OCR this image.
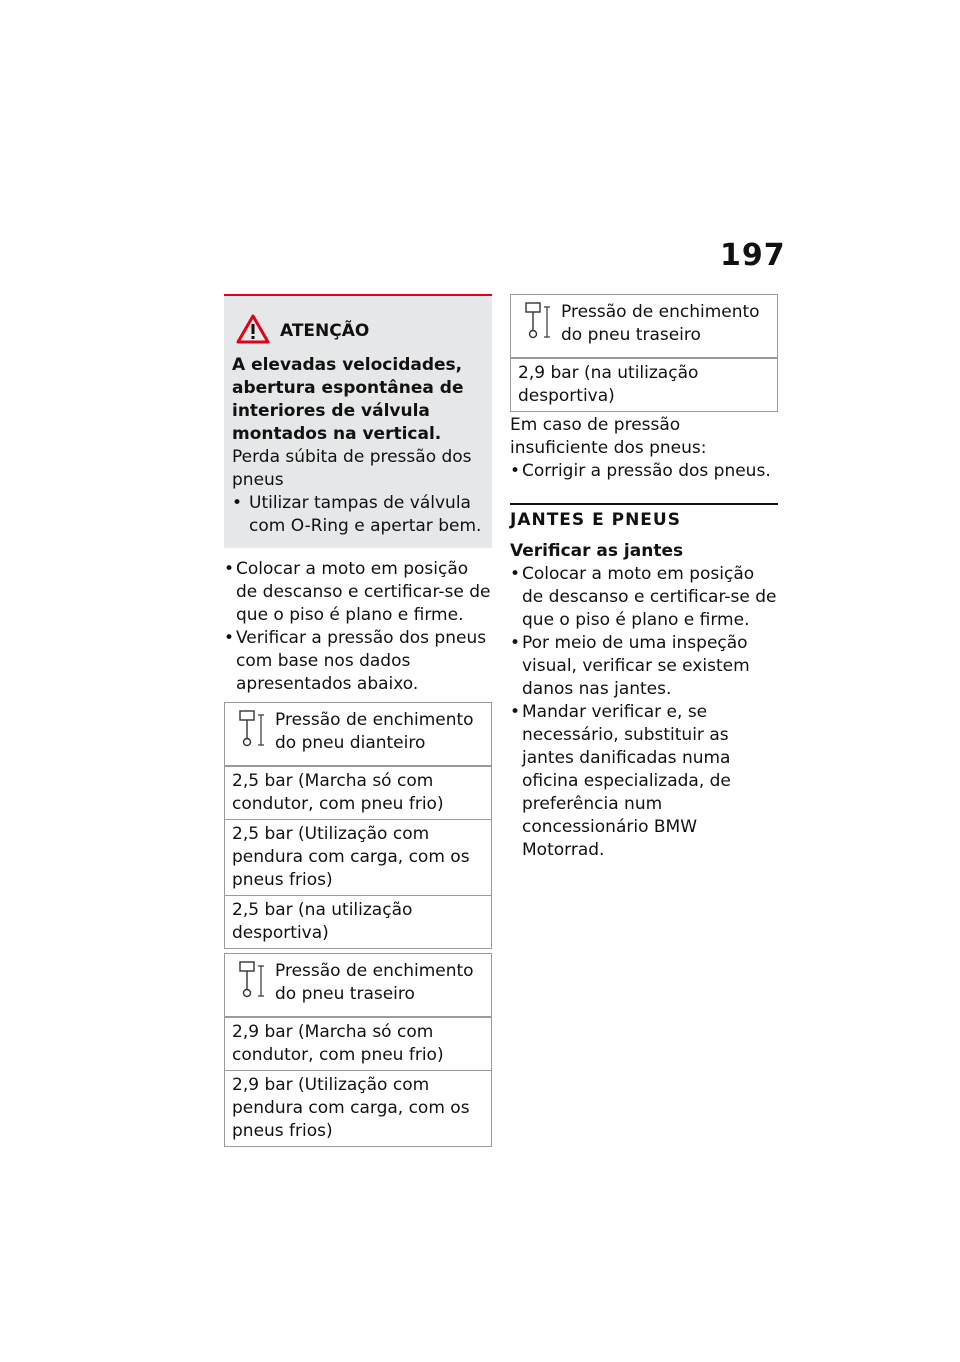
197
ATENÇÃO
A elevadas velocidades, abertura espontânea de interiores de válvula montados na vertical.
Perda súbita de pressão dos pneus
• Utilizar tampas de válvula com O-Ring e apertar bem.
• Colocar a moto em posição de descanso e certificar-se de que o piso é plano e firme.
• Verificar a pressão dos pneus com base nos dados apresentados abaixo.
Pressão de enchimento do pneu dianteiro
2,5 bar (Marcha só com condutor, com pneu frio)
2,5 bar (Utilização com pendura com carga, com os pneus frios)
2,5 bar (na utilização desportiva)
Pressão de enchimento do pneu traseiro
2,9 bar (Marcha só com condutor, com pneu frio)
2,9 bar (Utilização com pendura com carga, com os pneus frios)
Pressão de enchimento do pneu traseiro
2,9 bar (na utilização desportiva)
Em caso de pressão insuficiente dos pneus:
• Corrigir a pressão dos pneus.
JANTES E PNEUS
Verificar as jantes
• Colocar a moto em posição de descanso e certificar-se de que o piso é plano e firme.
• Por meio de uma inspeção visual, verificar se existem danos nas jantes.
• Mandar verificar e, se necessário, substituir as jantes danificadas numa oficina especializada, de preferência num concessionário BMW Motorrad.
